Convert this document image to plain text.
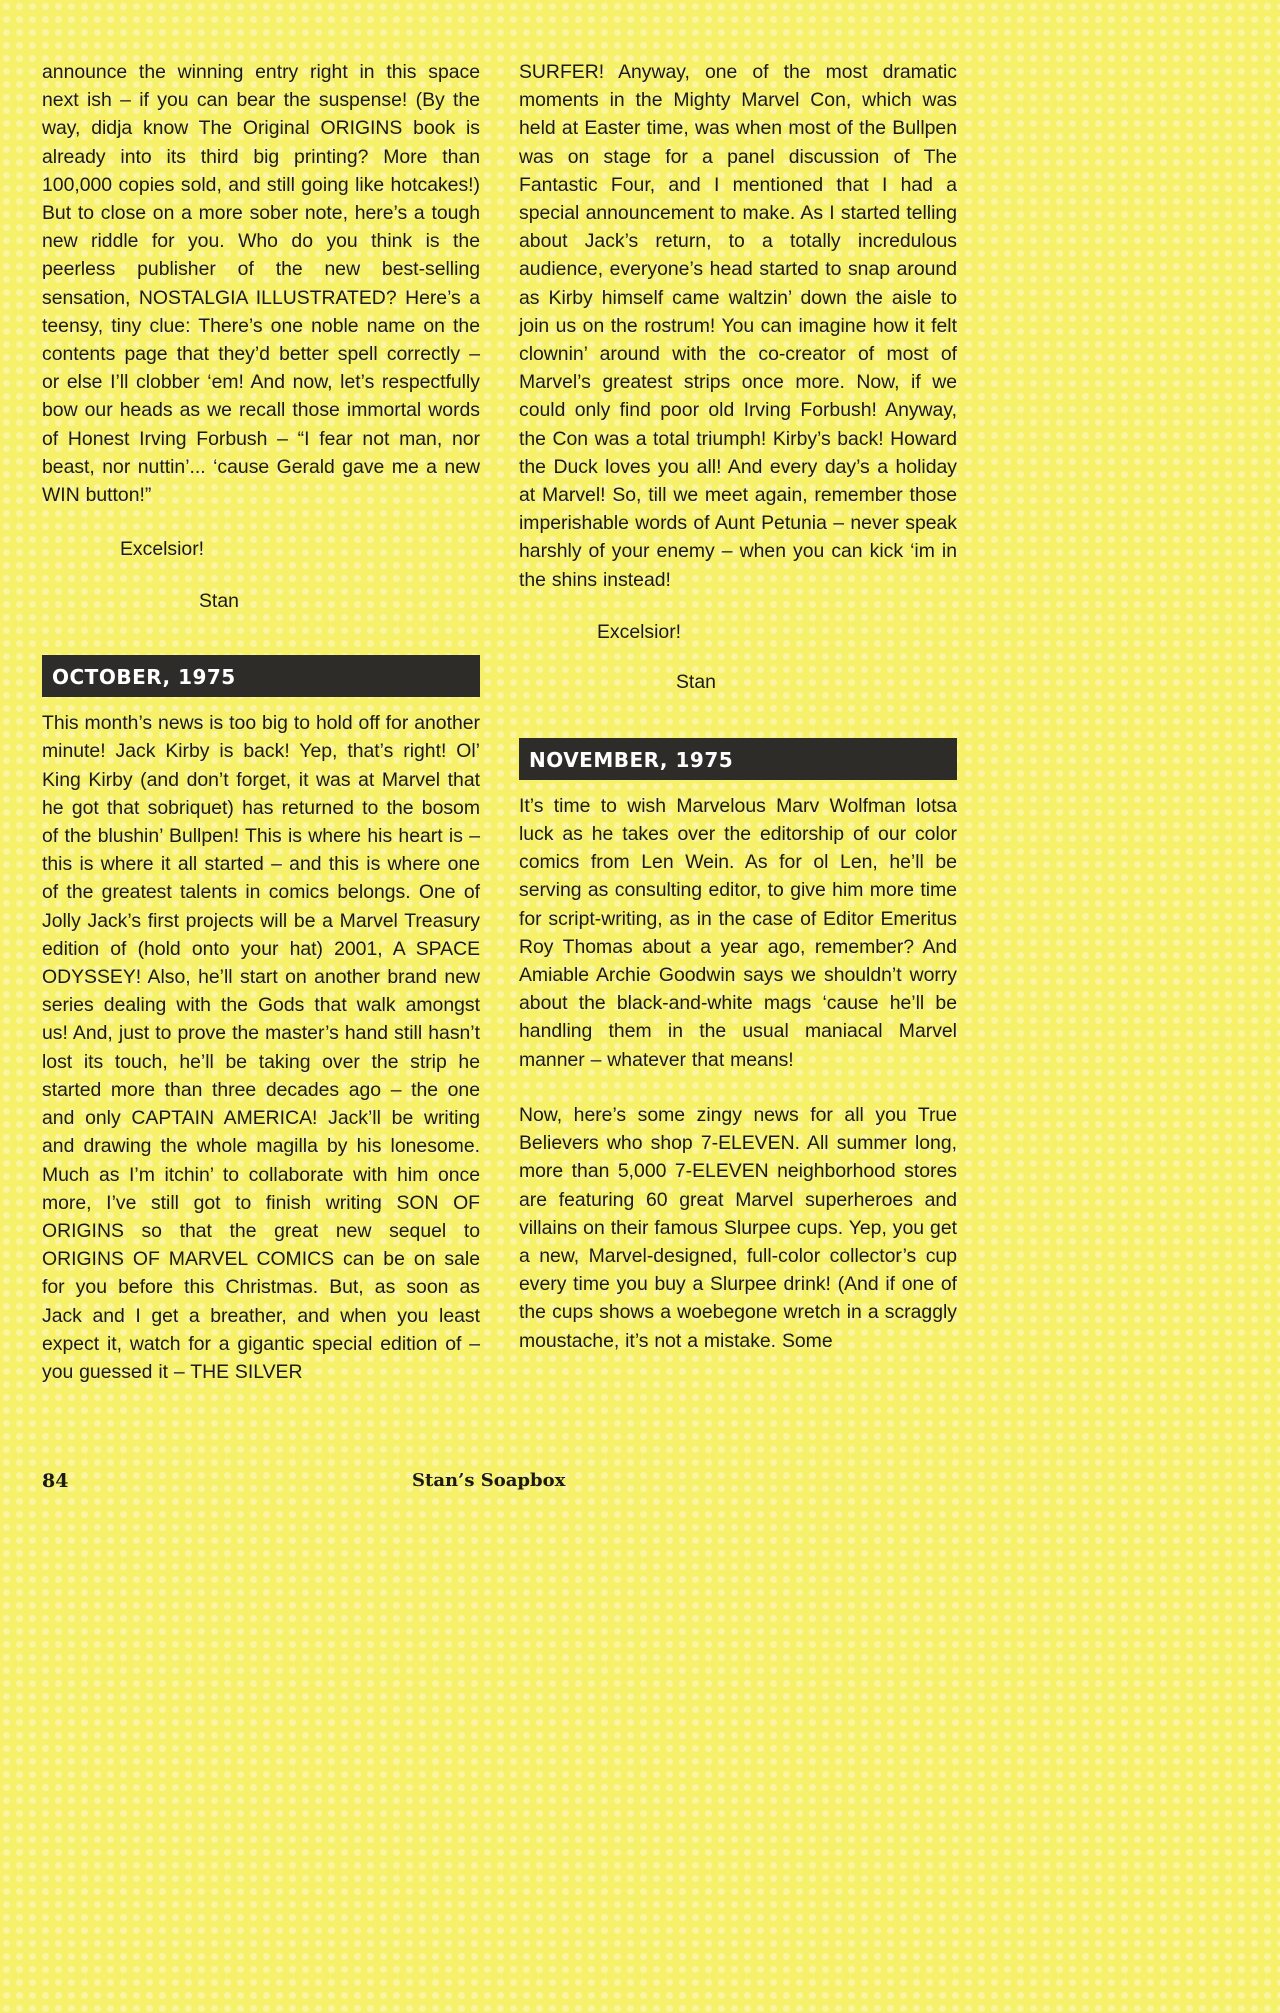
announce the winning entry right in this space next ish – if you can bear the suspense! (By the way, didja know The Original ORIGINS book is already into its third big printing? More than 100,000 copies sold, and still going like hotcakes!) But to close on a more sober note, here’s a tough new riddle for you. Who do you think is the peerless publisher of the new best-selling sensation, NOSTALGIA ILLUSTRATED? Here’s a teensy, tiny clue: There’s one noble name on the contents page that they’d better spell correctly – or else I’ll clobber ‘em! And now, let’s respectfully bow our heads as we recall those immortal words of Honest Irving Forbush – “I fear not man, nor beast, nor nuttin’... ‘cause Gerald gave me a new WIN button!”

Excelsior!

Stan

OCTOBER, 1975

This month’s news is too big to hold off for another minute! Jack Kirby is back! Yep, that’s right! Ol’ King Kirby (and don’t forget, it was at Marvel that he got that sobriquet) has returned to the bosom of the blushin’ Bullpen! This is where his heart is – this is where it all started – and this is where one of the greatest talents in comics belongs. One of Jolly Jack’s first projects will be a Marvel Treasury edition of (hold onto your hat) 2001, A SPACE ODYSSEY! Also, he’ll start on another brand new series dealing with the Gods that walk amongst us! And, just to prove the master’s hand still hasn’t lost its touch, he’ll be taking over the strip he started more than three decades ago – the one and only CAPTAIN AMERICA! Jack’ll be writing and drawing the whole magilla by his lonesome. Much as I’m itchin’ to collaborate with him once more, I’ve still got to finish writing SON OF ORIGINS so that the great new sequel to ORIGINS OF MARVEL COMICS can be on sale for you before this Christmas. But, as soon as Jack and I get a breather, and when you least expect it, watch for a gigantic special edition of – you guessed it – THE SILVER

SURFER! Anyway, one of the most dramatic moments in the Mighty Marvel Con, which was held at Easter time, was when most of the Bullpen was on stage for a panel discussion of The Fantastic Four, and I mentioned that I had a special announcement to make. As I started telling about Jack’s return, to a totally incredulous audience, everyone’s head started to snap around as Kirby himself came waltzin’ down the aisle to join us on the rostrum! You can imagine how it felt clownin’ around with the co-creator of most of Marvel’s greatest strips once more. Now, if we could only find poor old Irving Forbush! Anyway, the Con was a total triumph! Kirby’s back! Howard the Duck loves you all! And every day’s a holiday at Marvel! So, till we meet again, remember those imperishable words of Aunt Petunia – never speak harshly of your enemy – when you can kick ‘im in the shins instead!

Excelsior!

Stan

NOVEMBER, 1975

It’s time to wish Marvelous Marv Wolfman lotsa luck as he takes over the editorship of our color comics from Len Wein. As for ol Len, he’ll be serving as consulting editor, to give him more time for script-writing, as in the case of Editor Emeritus Roy Thomas about a year ago, remember? And Amiable Archie Goodwin says we shouldn’t worry about the black-and-white mags ‘cause he’ll be handling them in the usual maniacal Marvel manner – whatever that means!

Now, here’s some zingy news for all you True Believers who shop 7-ELEVEN. All summer long, more than 5,000 7-ELEVEN neighborhood stores are featuring 60 great Marvel superheroes and villains on their famous Slurpee cups. Yep, you get a new, Marvel-designed, full-color collector’s cup every time you buy a Slurpee drink! (And if one of the cups shows a woebegone wretch in a scraggly moustache, it’s not a mistake. Some

84	Stan’s Soapbox
